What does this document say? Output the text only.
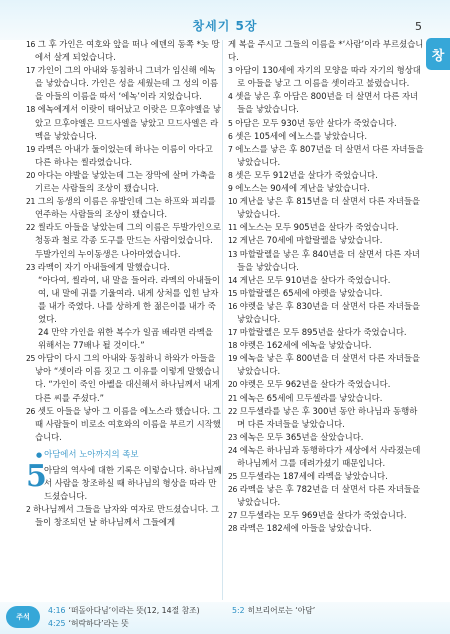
창세기 5장	5
창

16 그 후 가인은 여호와 앞을 떠나 에덴의 동쪽 *놋 땅에서 살게 되었습니다.

17 가인이 그의 아내와 동침하니 그녀가 임신해 에녹을 낳았습니다. 가인은 성을 세웠는데 그 성의 이름을 아들의 이름을 따서 ‘에녹’이라 지었습니다.

18 에녹에게서 이랏이 태어났고 이랏은 므후야엘을 낳았고 므후야엘은 므드사엘을 낳았고 므드사엘은 라멕을 낳았습니다.

19 라멕은 아내가 둘이었는데 하나는 이름이 아다고 다른 하나는 씰라였습니다.

20 아다는 야발을 낳았는데 그는 장막에 살며 가축을 기르는 사람들의 조상이 됐습니다.

21 그의 동생의 이름은 유발인데 그는 하프와 피리를 연주하는 사람들의 조상이 됐습니다.

22 씰라도 아들을 낳았는데 그의 이름은 두발가인으로 청동과 철로 각종 도구를 만드는 사람이었습니다. 두발가인의 누이동생은 나아마였습니다.

23 라멕이 자기 아내들에게 말했습니다.

“아다여, 씰라여, 내 말을 들어라. 라멕의 아내들이여, 내 말에 귀를 기울여라. 내게 상처를 입힌 남자를 내가 죽였다. 나를 상하게 한 젊은이를 내가 죽였다.

24 만약 가인을 위한 복수가 일곱 배라면 라멕을 위해서는 77배나 될 것이다.”

25 아담이 다시 그의 아내와 동침하니 하와가 아들을 낳아 “셋이라 이름 짓고 그 이유를 이렇게 말했습니다. “가인이 죽인 아벨을 대신해서 하나님께서 내게 다른 씨를 주셨다.”

26 셋도 아들을 낳아 그 이름을 에노스라 했습니다. 그때 사람들이 비로소 여호와의 이름을 부르기 시작했습니다.

● 아담에서 노아까지의 족보
5
아담의 역사에 대한 기록은 이렇습니다. 하나님께서 사람을 창조하실 때 하나님의 형상을 따라 만드셨습니다.

2 하나님께서 그들을 남자와 여자로 만드셨습니다. 그들이 창조되던 날 하나님께서 그들에게

게 복을 주시고 그들의 이름을 *‘사람’이라 부르셨습니다.

3 아담이 130세에 자기의 모양을 따라 자기의 형상대로 아들을 낳고 그 이름을 셋이라고 불렀습니다.

4 셋을 낳은 후 아담은 800년을 더 살면서 다른 자녀들을 낳았습니다.

5 아담은 모두 930년 동안 살다가 죽었습니다.

6 셋은 105세에 에노스를 낳았습니다.

7 에노스를 낳은 후 807년을 더 살면서 다른 자녀들을 낳았습니다.

8 셋은 모두 912년을 살다가 죽었습니다.

9 에노스는 90세에 게난을 낳았습니다.

10 게난을 낳은 후 815년을 더 살면서 다른 자녀들을 낳았습니다.

11 에노스는 모두 905년을 살다가 죽었습니다.

12 게난은 70세에 마할랄렐을 낳았습니다.

13 마할랄렐을 낳은 후 840년을 더 살면서 다른 자녀들을 낳았습니다.

14 게난은 모두 910년을 살다가 죽었습니다.

15 마할랄렐은 65세에 야렛을 낳았습니다.

16 야렛을 낳은 후 830년을 더 살면서 다른 자녀들을 낳았습니다.

17 마할랄렐은 모두 895년을 살다가 죽었습니다.

18 야렛은 162세에 에녹을 낳았습니다.

19 에녹을 낳은 후 800년을 더 살면서 다른 자녀들을 낳았습니다.

20 야렛은 모두 962년을 살다가 죽었습니다.

21 에녹은 65세에 므두셀라를 낳았습니다.

22 므두셀라를 낳은 후 300년 동안 하나님과 동행하며 다른 자녀들을 낳았습니다.

23 에녹은 모두 365년을 살았습니다.

24 에녹은 하나님과 동행하다가 세상에서 사라졌는데 하나님께서 그를 데려가셨기 때문입니다.

25 므두셀라는 187세에 라멕을 낳았습니다.

26 라멕을 낳은 후 782년을 더 살면서 다른 자녀들을 낳았습니다.

27 므두셀라는 모두 969년을 살다가 죽었습니다.

28 라멕은 182세에 아들을 낳았습니다.

주석
4:16 ‘떠돌아다님’이라는 뜻(12, 14절 참조)
4:25 ‘허락하다’라는 뜻
5:2 히브리어로는 ‘아담’
